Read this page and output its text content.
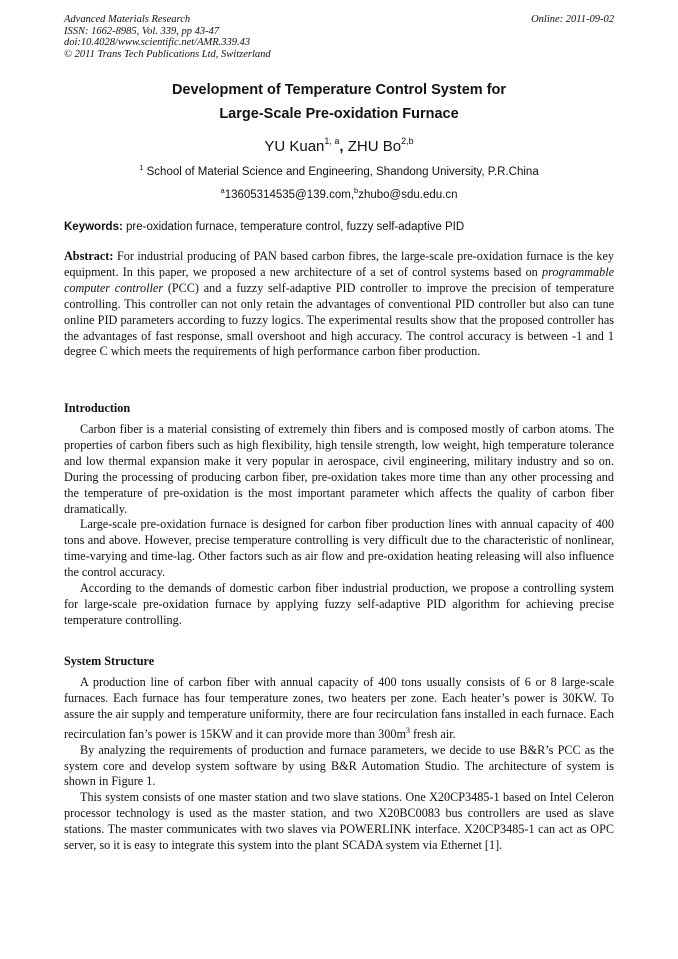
Advanced Materials Research
ISSN: 1662-8985, Vol. 339, pp 43-47
doi:10.4028/www.scientific.net/AMR.339.43
© 2011 Trans Tech Publications Ltd, Switzerland
Online: 2011-09-02
Development of Temperature Control System for
Large-Scale Pre-oxidation Furnace
YU Kuan$^{1, a}$, ZHU Bo$^{2,b}$
$^1$ School of Material Science and Engineering, Shandong University, P.R.China
$^a$13605314535@139.com,$^b$zhubo@sdu.edu.cn
Keywords: pre-oxidation furnace, temperature control, fuzzy self-adaptive PID

Abstract: For industrial producing of PAN based carbon fibres, the large-scale pre-oxidation furnace is the key equipment. In this paper, we proposed a new architecture of a set of control systems based on programmable computer controller (PCC) and a fuzzy self-adaptive PID controller to improve the precision of temperature controlling. This controller can not only retain the advantages of conventional PID controller but also can tune online PID parameters according to fuzzy logics. The experimental results show that the proposed controller has the advantages of fast response, small overshoot and high accuracy. The control accuracy is between -1 and 1 degree C which meets the requirements of high performance carbon fiber production.

Introduction

Carbon fiber is a material consisting of extremely thin fibers and is composed mostly of carbon atoms. The properties of carbon fibers such as high flexibility, high tensile strength, low weight, high temperature tolerance and low thermal expansion make it very popular in aerospace, civil engineering, military industry and so on. During the processing of producing carbon fiber, pre-oxidation takes more time than any other processing and the temperature of pre-oxidation is the most important parameter which affects the quality of carbon fiber dramatically.

Large-scale pre-oxidation furnace is designed for carbon fiber production lines with annual capacity of 400 tons and above. However, precise temperature controlling is very difficult due to the characteristic of nonlinear, time-varying and time-lag. Other factors such as air flow and pre-oxidation heating releasing will also influence the control accuracy.

According to the demands of domestic carbon fiber industrial production, we propose a controlling system for large-scale pre-oxidation furnace by applying fuzzy self-adaptive PID algorithm for achieving precise temperature controlling.

System Structure

A production line of carbon fiber with annual capacity of 400 tons usually consists of 6 or 8 large-scale furnaces. Each furnace has four temperature zones, two heaters per zone. Each heater’s power is 30KW. To assure the air supply and temperature uniformity, there are four recirculation fans installed in each furnace. Each recirculation fan’s power is 15KW and it can provide more than $300m^3$ fresh air.

By analyzing the requirements of production and furnace parameters, we decide to use B&R’s PCC as the system core and develop system software by using B&R Automation Studio. The architecture of system is shown in Figure 1.

This system consists of one master station and two slave stations. One X20CP3485-1 based on Intel Celeron processor technology is used as the master station, and two X20BC0083 bus controllers are used as slave stations. The master communicates with two slaves via POWERLINK interface. X20CP3485-1 can act as OPC server, so it is easy to integrate this system into the plant SCADA system via Ethernet [1].
